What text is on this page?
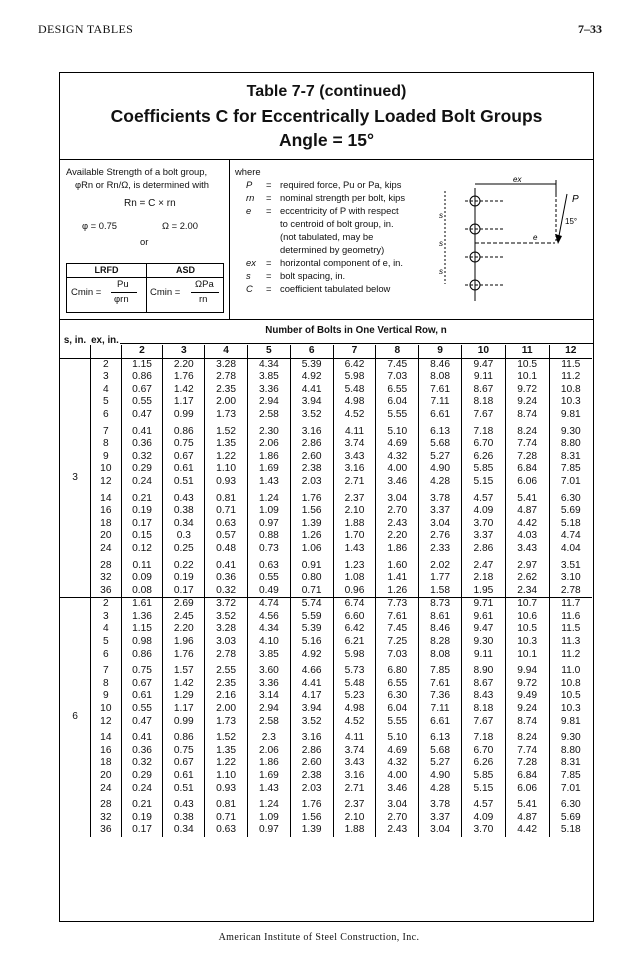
DESIGN TABLES	7–33
Table 7-7 (continued)
Coefficients C for Eccentrically Loaded Bolt Groups
Angle = 15°
Available Strength of a bolt group,
φRn or Rn/Ω, is determined with
Rn = C × rn
φ = 0.75	Ω = 2.00
or
LRFD	ASD
Cmin =
Pu
φrn
Cmin =
ΩPa
rn
where
P = required force, Pu or Pa, kips
rn = nominal strength per bolt, kips
e = eccentricity of P with respect
to centroid of bolt group, in.
(not tabulated, may be
determined by geometry)
ex = horizontal component of e, in.
s = bolt spacing, in.
C = coefficient tabulated below
ex
P
15°
e
s
s
s
Number of Bolts in One Vertical Row, n
s, in. ex, in.
		2	3	4	5	6	7	8	9	10	11	12
3	2	1.15	2.20	3.28	4.34	5.39	6.42	7.45	8.46	9.47	10.5	11.5
	3	0.86	1.76	2.78	3.85	4.92	5.98	7.03	8.08	9.11	10.1	11.2
	4	0.67	1.42	2.35	3.36	4.41	5.48	6.55	7.61	8.67	9.72	10.8
	5	0.55	1.17	2.00	2.94	3.94	4.98	6.04	7.11	8.18	9.24	10.3
	6	0.47	0.99	1.73	2.58	3.52	4.52	5.55	6.61	7.67	8.74	9.81
	7	0.41	0.86	1.52	2.30	3.16	4.11	5.10	6.13	7.18	8.24	9.30
	8	0.36	0.75	1.35	2.06	2.86	3.74	4.69	5.68	6.70	7.74	8.80
	9	0.32	0.67	1.22	1.86	2.60	3.43	4.32	5.27	6.26	7.28	8.31
	10	0.29	0.61	1.10	1.69	2.38	3.16	4.00	4.90	5.85	6.84	7.85
	12	0.24	0.51	0.93	1.43	2.03	2.71	3.46	4.28	5.15	6.06	7.01
	14	0.21	0.43	0.81	1.24	1.76	2.37	3.04	3.78	4.57	5.41	6.30
	16	0.19	0.38	0.71	1.09	1.56	2.10	2.70	3.37	4.09	4.87	5.69
	18	0.17	0.34	0.63	0.97	1.39	1.88	2.43	3.04	3.70	4.42	5.18
	20	0.15	0.3	0.57	0.88	1.26	1.70	2.20	2.76	3.37	4.03	4.74
	24	0.12	0.25	0.48	0.73	1.06	1.43	1.86	2.33	2.86	3.43	4.04
	28	0.11	0.22	0.41	0.63	0.91	1.23	1.60	2.02	2.47	2.97	3.51
	32	0.09	0.19	0.36	0.55	0.80	1.08	1.41	1.77	2.18	2.62	3.10
	36	0.08	0.17	0.32	0.49	0.71	0.96	1.26	1.58	1.95	2.34	2.78
6	2	1.61	2.69	3.72	4.74	5.74	6.74	7.73	8.73	9.71	10.7	11.7
	3	1.36	2.45	3.52	4.56	5.59	6.60	7.61	8.61	9.61	10.6	11.6
	4	1.15	2.20	3.28	4.34	5.39	6.42	7.45	8.46	9.47	10.5	11.5
	5	0.98	1.96	3.03	4.10	5.16	6.21	7.25	8.28	9.30	10.3	11.3
	6	0.86	1.76	2.78	3.85	4.92	5.98	7.03	8.08	9.11	10.1	11.2
	7	0.75	1.57	2.55	3.60	4.66	5.73	6.80	7.85	8.90	9.94	11.0
	8	0.67	1.42	2.35	3.36	4.41	5.48	6.55	7.61	8.67	9.72	10.8
	9	0.61	1.29	2.16	3.14	4.17	5.23	6.30	7.36	8.43	9.49	10.5
	10	0.55	1.17	2.00	2.94	3.94	4.98	6.04	7.11	8.18	9.24	10.3
	12	0.47	0.99	1.73	2.58	3.52	4.52	5.55	6.61	7.67	8.74	9.81
	14	0.41	0.86	1.52	2.3	3.16	4.11	5.10	6.13	7.18	8.24	9.30
	16	0.36	0.75	1.35	2.06	2.86	3.74	4.69	5.68	6.70	7.74	8.80
	18	0.32	0.67	1.22	1.86	2.60	3.43	4.32	5.27	6.26	7.28	8.31
	20	0.29	0.61	1.10	1.69	2.38	3.16	4.00	4.90	5.85	6.84	7.85
	24	0.24	0.51	0.93	1.43	2.03	2.71	3.46	4.28	5.15	6.06	7.01
	28	0.21	0.43	0.81	1.24	1.76	2.37	3.04	3.78	4.57	5.41	6.30
	32	0.19	0.38	0.71	1.09	1.56	2.10	2.70	3.37	4.09	4.87	5.69
	36	0.17	0.34	0.63	0.97	1.39	1.88	2.43	3.04	3.70	4.42	5.18
American Institute of Steel Construction, Inc.
